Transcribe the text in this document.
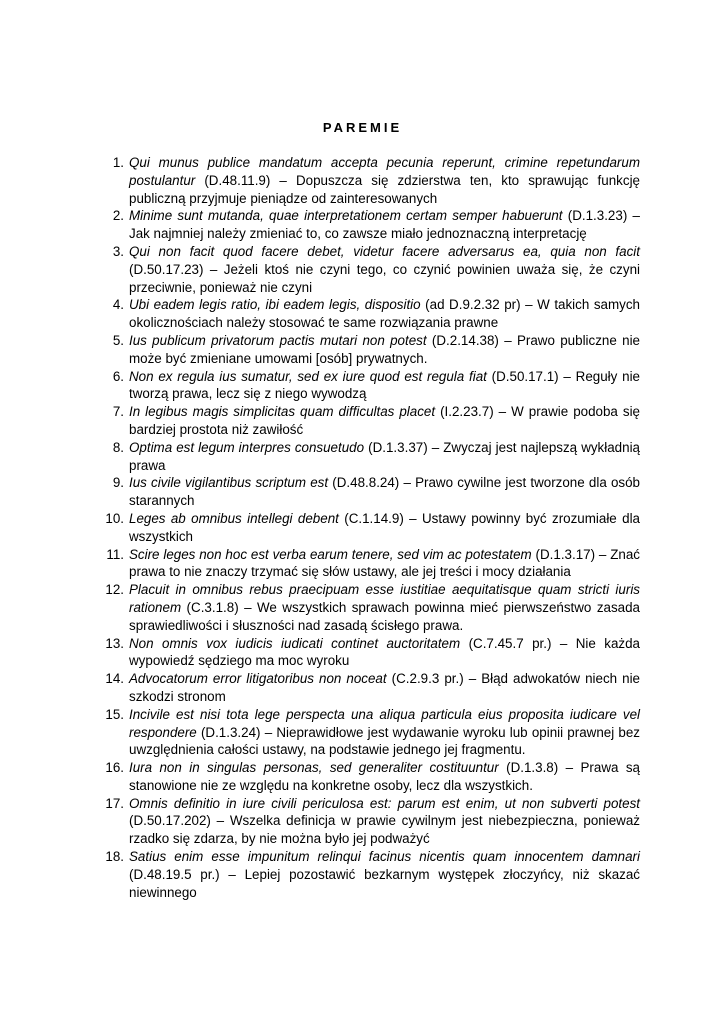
PAREMIE
1. Qui munus publice mandatum accepta pecunia reperunt, crimine repetundarum postulantur (D.48.11.9) – Dopuszcza się zdzierstwa ten, kto sprawując funkcję publiczną przyjmuje pieniądze od zainteresowanych
2. Minime sunt mutanda, quae interpretationem certam semper habuerunt (D.1.3.23) – Jak najmniej należy zmieniać to, co zawsze miało jednoznaczną interpretację
3. Qui non facit quod facere debet, videtur facere adversarus ea, quia non facit (D.50.17.23) – Jeżeli ktoś nie czyni tego, co czynić powinien uważa się, że czyni przeciwnie, ponieważ nie czyni
4. Ubi eadem legis ratio, ibi eadem legis, dispositio (ad D.9.2.32 pr) – W takich samych okolicznościach należy stosować te same rozwiązania prawne
5. Ius publicum privatorum pactis mutari non potest (D.2.14.38) – Prawo publiczne nie może być zmieniane umowami [osób] prywatnych.
6. Non ex regula ius sumatur, sed ex iure quod est regula fiat (D.50.17.1) – Reguły nie tworzą prawa, lecz się z niego wywodzą
7. In legibus magis simplicitas quam difficultas placet (I.2.23.7) – W prawie podoba się bardziej prostota niż zawiłość
8. Optima est legum interpres consuetudo (D.1.3.37) – Zwyczaj jest najlepszą wykładnią prawa
9. Ius civile vigilantibus scriptum est (D.48.8.24) – Prawo cywilne jest tworzone dla osób starannych
10. Leges ab omnibus intellegi debent (C.1.14.9) – Ustawy powinny być zrozumiałe dla wszystkich
11. Scire leges non hoc est verba earum tenere, sed vim ac potestatem (D.1.3.17) – Znać prawa to nie znaczy trzymać się słów ustawy, ale jej treści i mocy działania
12. Placuit in omnibus rebus praecipuam esse iustitiae aequitatisque quam stricti iuris rationem (C.3.1.8) – We wszystkich sprawach powinna mieć pierwszeństwo zasada sprawiedliwości i słuszności nad zasadą ścisłego prawa.
13. Non omnis vox iudicis iudicati continet auctoritatem (C.7.45.7 pr.) – Nie każda wypowiedź sędziego ma moc wyroku
14. Advocatorum error litigatoribus non noceat (C.2.9.3 pr.) – Błąd adwokatów niech nie szkodzi stronom
15. Incivile est nisi tota lege perspecta una aliqua particula eius proposita iudicare vel respondere (D.1.3.24) – Nieprawidłowe jest wydawanie wyroku lub opinii prawnej bez uwzględnienia całości ustawy, na podstawie jednego jej fragmentu.
16. Iura non in singulas personas, sed generaliter costituuntur (D.1.3.8) – Prawa są stanowione nie ze względu na konkretne osoby, lecz dla wszystkich.
17. Omnis definitio in iure civili periculosa est: parum est enim, ut non subverti potest (D.50.17.202) – Wszelka definicja w prawie cywilnym jest niebezpieczna, ponieważ rzadko się zdarza, by nie można było jej podważyć
18. Satius enim esse impunitum relinqui facinus nicentis quam innocentem damnari (D.48.19.5 pr.) – Lepiej pozostawić bezkarnym występek złoczyńcy, niż skazać niewinnego
